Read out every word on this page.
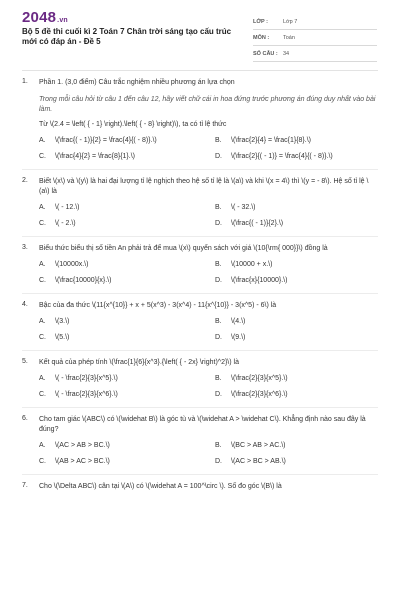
2048.vn
Bộ 5 đề thi cuối kì 2 Toán 7 Chân trời sáng tạo cấu trúc mới có đáp án - Đề 5
LỚP :	Lớp 7
MÔN :	Toán
SỐ CÂU : 34
1. Phần 1. (3,0 điểm) Câu trắc nghiệm nhiều phương án lựa chọn
Trong mỗi câu hỏi từ câu 1 đến câu 12, hãy viết chữ cái in hoa đứng trước phương án đúng duy nhất vào bài làm.
Từ \(2.4 = \left( { - 1} \right).\left( { - 8} \right)\), ta có tỉ lệ thức
A.	\(\frac{( - 1)}{2} = \frac{4}{( - 8)}.\)	B.	\(\frac{2}{4} = \frac{1}{8}.\)
C.	\(\frac{4}{2} = \frac{8}{1}.\)	D.	\(\frac{2}{( - 1)} = \frac{4}{( - 8)}.\)
2. Biết \(x\) và \(y\) là hai đại lượng tỉ lệ nghịch theo hệ số tỉ lệ là \(a\) và khi \(x = 4\) thì \(y = - 8\). Hệ số tỉ lệ \(a\) là
A.	\( - 12.\)	B.	\( - 32.\)
C.	\( - 2.\)	D.	\(\frac{( - 1)}{2}.\)
3. Biểu thức biểu thị số tiền An phải trả để mua \(x\) quyển sách với giá \(10{\rm{ 000}}\) đồng là
A.	\(10000x.\)	B.	\(10000 + x.\)
C.	\(\frac{10000}{x}.\)	D.	\(\frac{x}{10000}.\)
4. Bậc của đa thức \(11{x^{10}} + x + 5(x^3) - 3(x^4) - 11{x^{10}} - 3(x^5) - 6\) là
A.	\(3.\)	B.	\(4.\)
C.	\(5.\)	D.	\(9.\)
5. Kết quả của phép tính \(\frac{1}{6}{x^3}.{\left( { - 2x} \right)^2}\) là
A.	\( - \frac{2}{3}{x^5}.\)	B.	\(\frac{2}{3}{x^5}.\)
C.	\( - \frac{2}{3}{x^6}.\)	D.	\(\frac{2}{3}{x^6}.\)
6. Cho tam giác \(ABC\) có \(\widehat B\) là góc tù và \(\widehat A > \widehat C\). Khẳng định nào sau đây là đúng?
A.	\(AC > AB > BC.\)	B.	\(BC > AB > AC.\)
C.	\(AB > AC > BC.\)	D.	\(AC > BC > AB.\)
7. Cho \(\Delta ABC\) cân tại \(A\) có \(\widehat A = 100^\circ \). Số đo góc \(B\) là
